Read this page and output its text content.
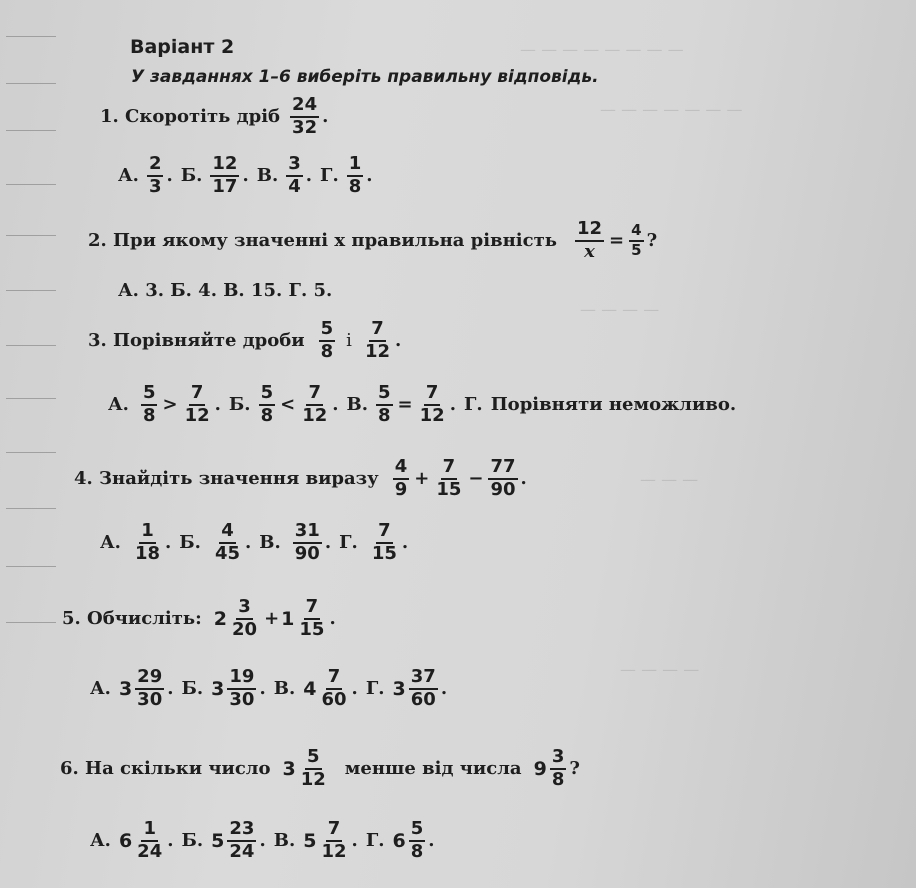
— — — — — — — —
— — — — — — —
— — — —
— — —
— — — —
Варіант 2
У завданнях 1–6 виберіть правильну відповідь.
1. Скоротіть дріб $\frac{24}{32}$ .
А. $\frac{2}{3}$ . Б. $\frac{12}{17}$ . В. $\frac{3}{4}$ . Г. $\frac{1}{8}$ .
2. При якому значенні x правильна рівність $\frac{12}{x} = \frac{4}{5}$ ?
А. 3. Б. 4. В. 15. Г. 5.
3. Порівняйте дроби $\frac{5}{8}$ і $\frac{7}{12}$ .
А. $\frac{5}{8} > \frac{7}{12}$ . Б. $\frac{5}{8} < \frac{7}{12}$ . В. $\frac{5}{8} = \frac{7}{12}$ . Г. Порівняти неможливо.
4. Знайдіть значення виразу $\frac{4}{9} + \frac{7}{15} - \frac{77}{90}$ .
А. $\frac{1}{18}$ . Б. $\frac{4}{45}$ . В. $\frac{31}{90}$ . Г. $\frac{7}{15}$ .
5. Обчисліть: $2 \frac{3}{20} + 1 \frac{7}{15}$ .
А. $3 \frac{29}{30}$ . Б. $3 \frac{19}{30}$ . В. $4 \frac{7}{60}$ . Г. $3 \frac{37}{60}$ .
6. На скільки число $3 \frac{5}{12}$ менше від числа $9 \frac{3}{8}$ ?
А. $6 \frac{1}{24}$ . Б. $5 \frac{23}{24}$ . В. $5 \frac{7}{12}$ . Г. $6 \frac{5}{8}$ .
